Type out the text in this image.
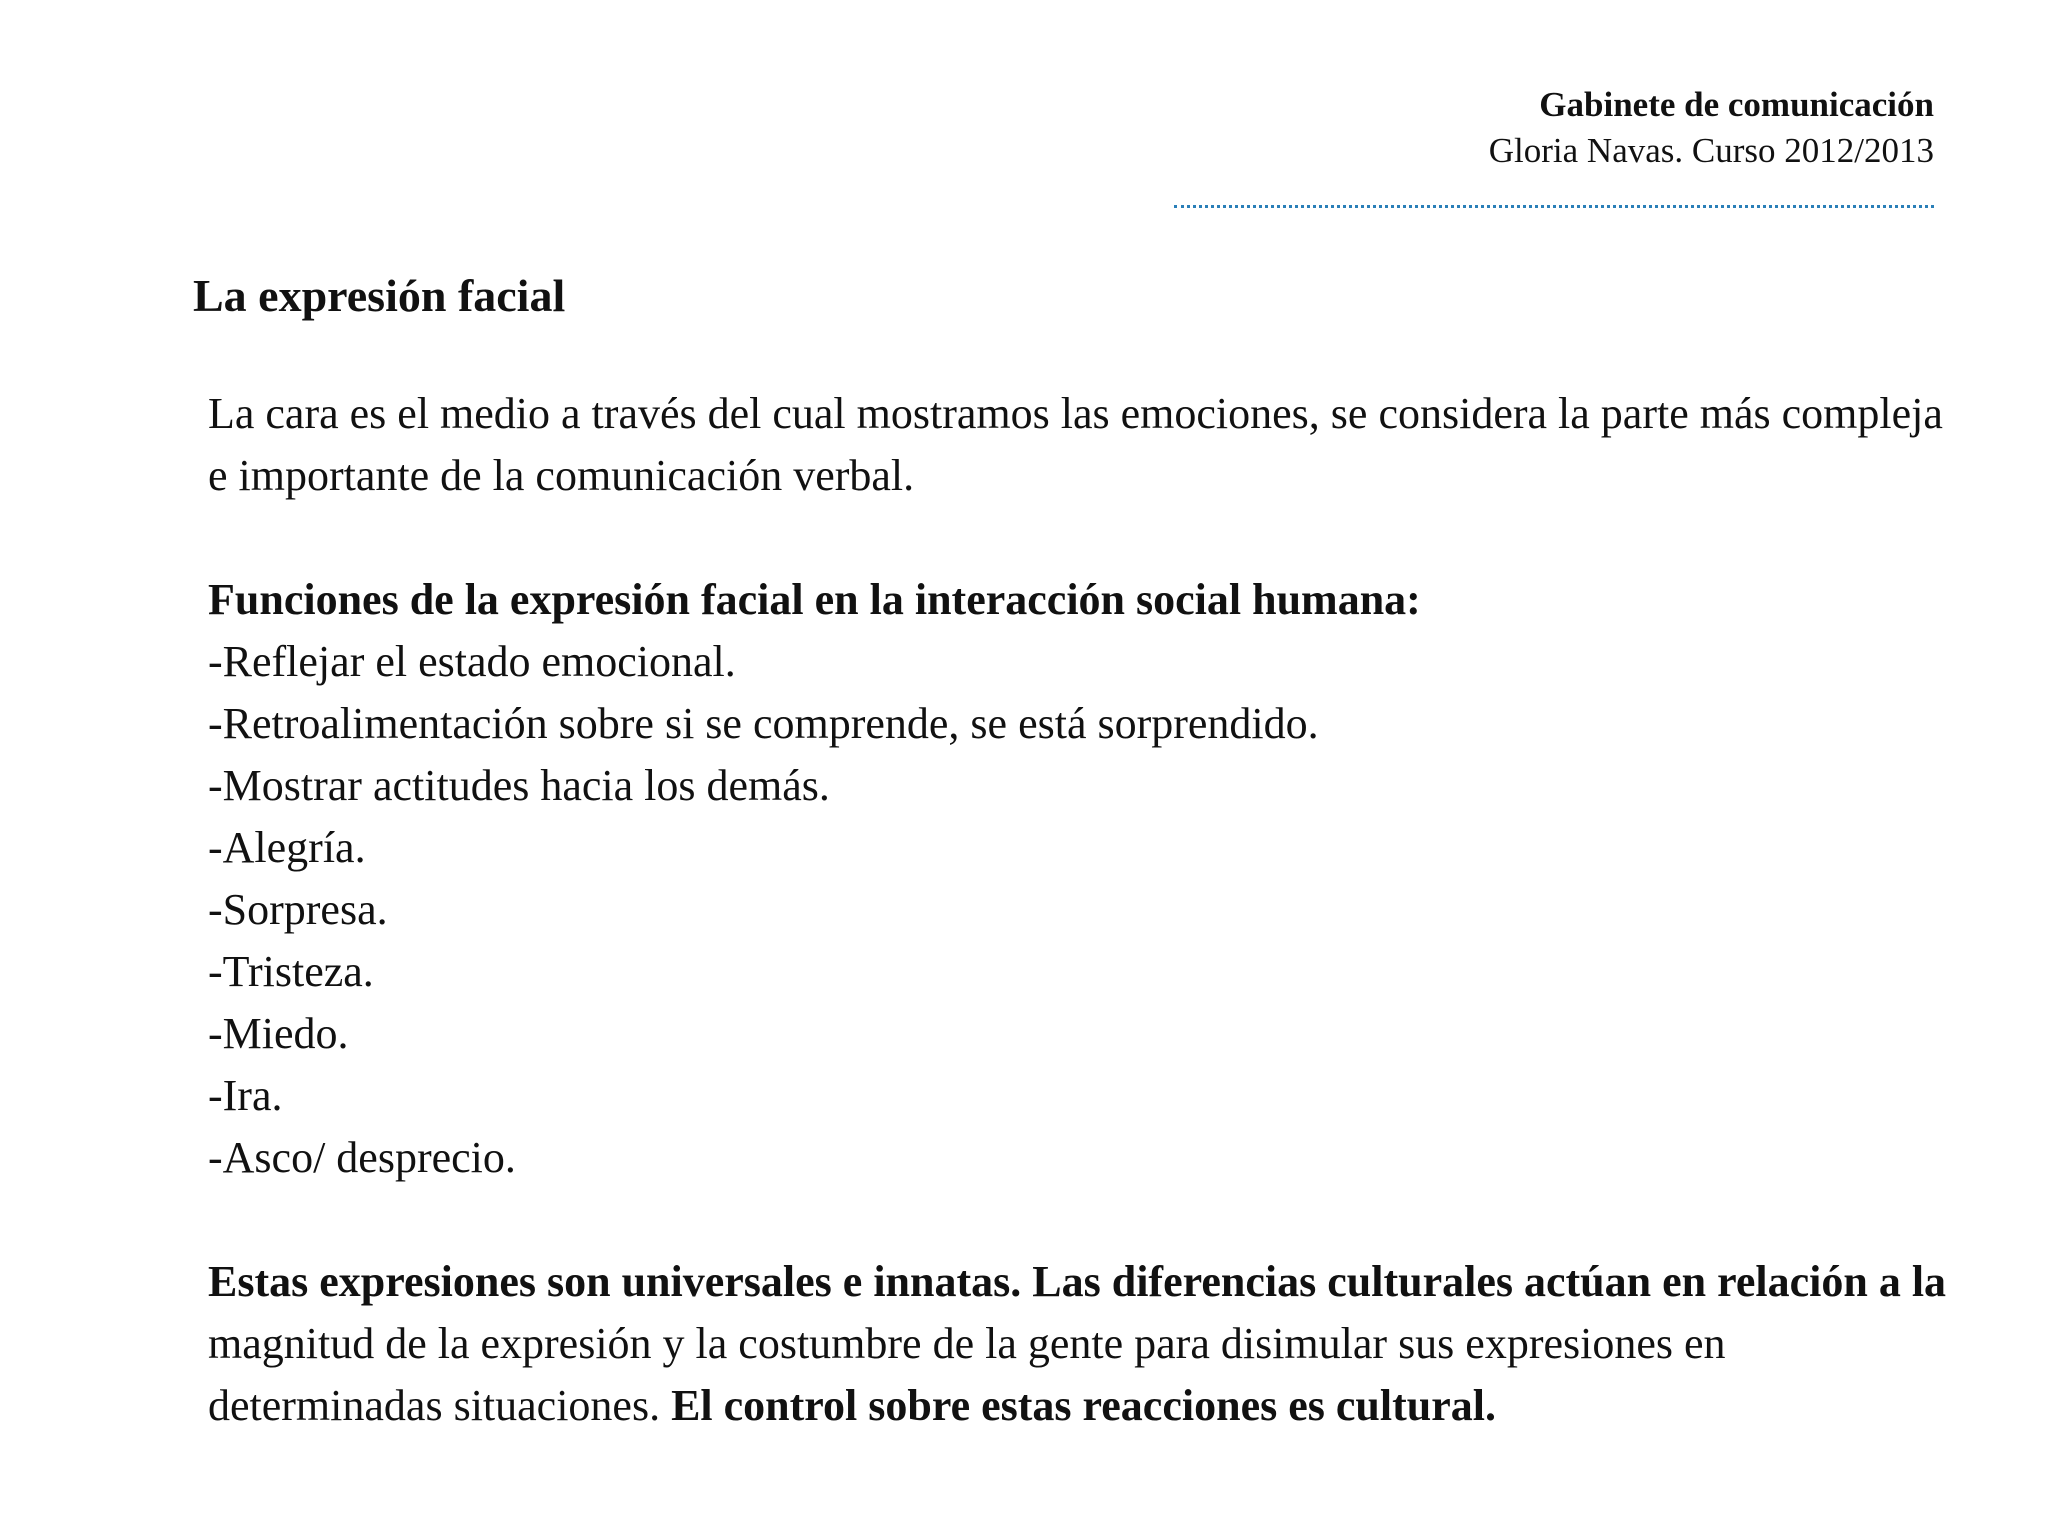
Gabinete de comunicación
Gloria Navas. Curso 2012/2013
La expresión facial

La cara es el medio a través del cual mostramos las emociones, se considera la parte más compleja e importante de la comunicación verbal.

Funciones de la expresión facial en la interacción social humana:

-Reflejar el estado emocional.
-Retroalimentación sobre si se comprende, se está sorprendido.
-Mostrar actitudes hacia los demás.
-Alegría.
-Sorpresa.
-Tristeza.
-Miedo.
-Ira.
-Asco/ desprecio.

Estas expresiones son universales e innatas. Las diferencias culturales actúan en relación a la magnitud de la expresión y la costumbre de la gente para disimular sus expresiones en determinadas situaciones. El control sobre estas reacciones es cultural.
